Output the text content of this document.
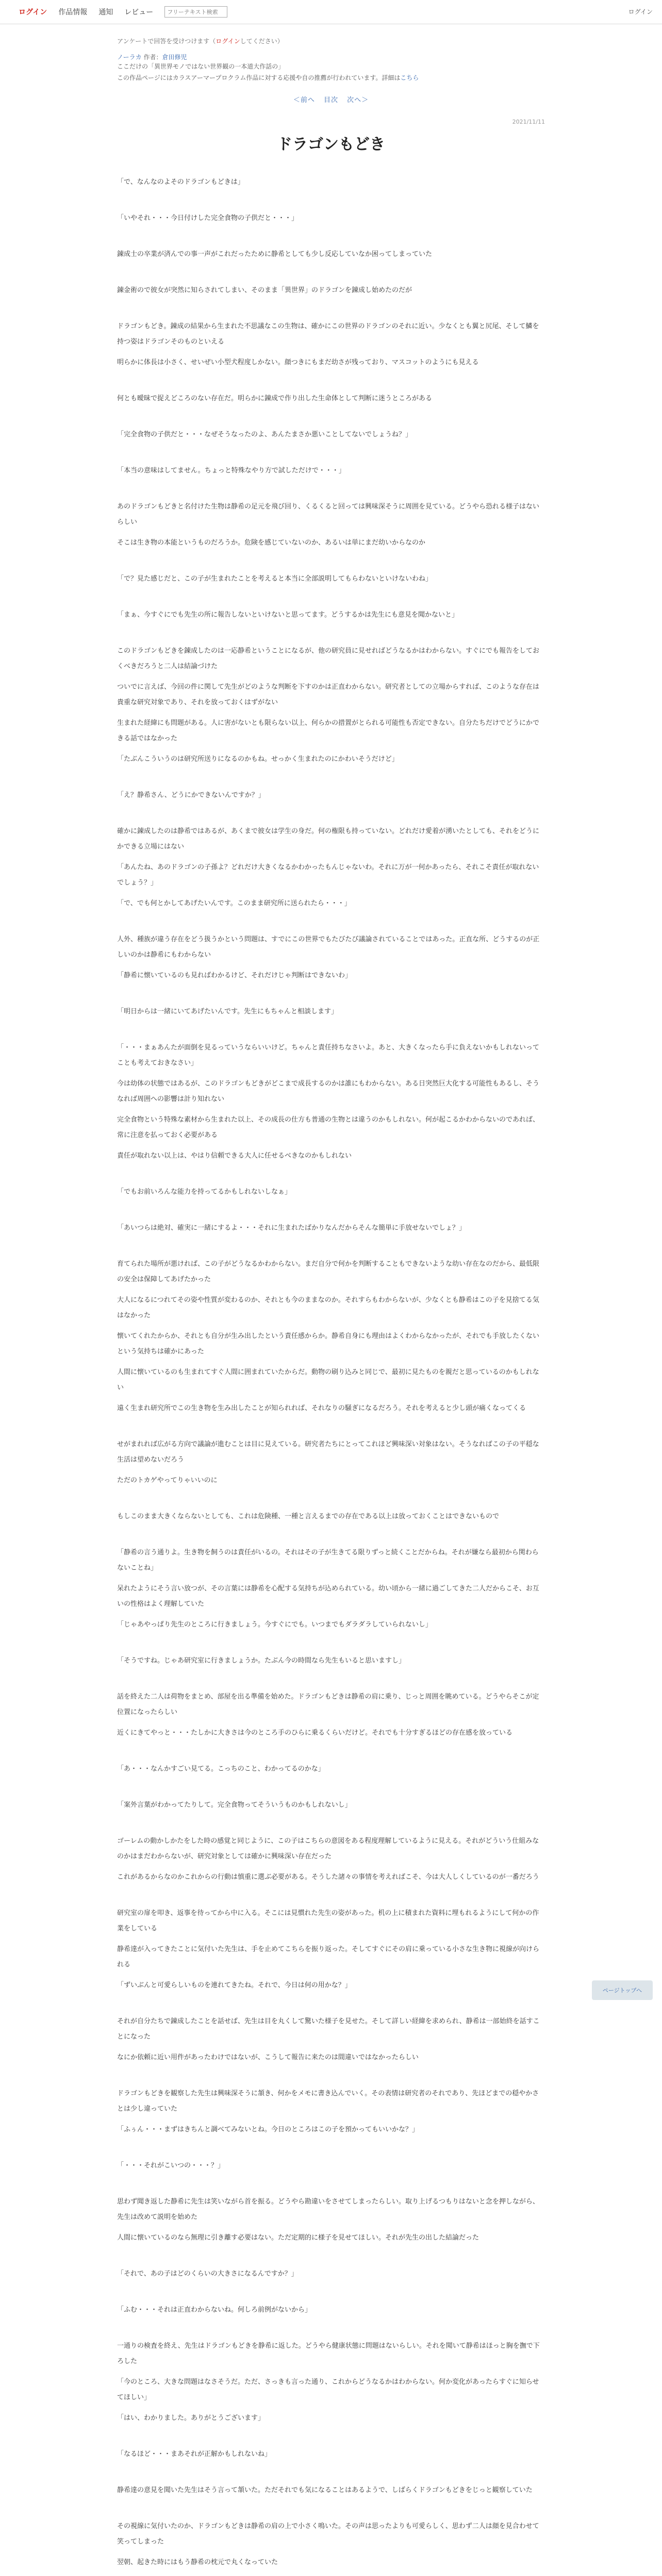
ログイン 作品情報 通知 レビュー
フリーテキスト検索	ログイン
アンケートで回答を受けつけます（ログインしてください）
ノーラカ 作者：倉田修児
ここだけの「異世界モノではない世界観の一本道大作話の」
この作品ページにはカラスアーマープロクラム作品に対する応援や自の推薦が行われています。詳細はこちら
＜前へ 目次 次へ＞
2021/11/11
ドラゴンもどき

「で、なんなのよそのドラゴンもどきは」

「いやそれ・・・今日付けした完全食物の子供だと・・・」

錬成士の卒業が済んでの事一声がこれだったために静希としても少し反応していなか困ってしまっていた

錬金術ので彼女が突然に知らされてしまい、そのまま「異世界」のドラゴンを錬成し始めたのだが

ドラゴンもどき。錬成の結果から生まれた不思議なこの生物は、確かにこの世界のドラゴンのそれに近い。少なくとも翼と尻尾、そして鱗を持つ姿はドラゴンそのものといえる

明らかに体長は小さく、せいぜい小型犬程度しかない。顔つきにもまだ幼さが残っており、マスコットのようにも見える

何とも曖昧で捉えどころのない存在だ。明らかに錬成で作り出した生命体として判断に迷うところがある

「完全食物の子供だと・・・なぜそうなったのよ、あんたまさか悪いことしてないでしょうね？」

「本当の意味はしてません。ちょっと特殊なやり方で試しただけで・・・」

あのドラゴンもどきと名付けた生物は静希の足元を飛び回り、くるくると回っては興味深そうに周囲を見ている。どうやら恐れる様子はないらしい

そこは生き物の本能というものだろうか。危険を感じていないのか、あるいは単にまだ幼いからなのか

「で？見た感じだと、この子が生まれたことを考えると本当に全部説明してもらわないといけないわね」

「まぁ、今すぐにでも先生の所に報告しないといけないと思ってます。どうするかは先生にも意見を聞かないと」

このドラゴンもどきを錬成したのは一応静希ということになるが、他の研究員に見せればどうなるかはわからない。すぐにでも報告をしておくべきだろうと二人は結論づけた

ついでに言えば、今回の件に関して先生がどのような判断を下すのかは正直わからない。研究者としての立場からすれば、このような存在は貴重な研究対象であり、それを放っておくはずがない

生まれた経緯にも問題がある。人に害がないとも限らない以上、何らかの措置がとられる可能性も否定できない。自分たちだけでどうにかできる話ではなかった

「たぶんこういうのは研究所送りになるのかもね。せっかく生まれたのにかわいそうだけど」

「え？静希さん、どうにかできないんですか？」

確かに錬成したのは静希ではあるが、あくまで彼女は学生の身だ。何の権限も持っていない。どれだけ愛着が湧いたとしても、それをどうにかできる立場にはない

「あんたね、あのドラゴンの子孫よ？どれだけ大きくなるかわかったもんじゃないわ。それに万が一何かあったら、それこそ責任が取れないでしょう？」

「で、でも何とかしてあげたいんです。このまま研究所に送られたら・・・」

人外、種族が違う存在をどう扱うかという問題は、すでにこの世界でもたびたび議論されていることではあった。正直な所、どうするのが正しいのかは静希にもわからない

「静希に懐いているのも見ればわかるけど、それだけじゃ判断はできないわ」

「明日からは一緒にいてあげたいんです。先生にもちゃんと相談します」

「・・・まぁあんたが面倒を見るっていうならいいけど。ちゃんと責任持ちなさいよ。あと、大きくなったら手に負えないかもしれないってことも考えておきなさい」

今は幼体の状態ではあるが、このドラゴンもどきがどこまで成長するのかは誰にもわからない。ある日突然巨大化する可能性もあるし、そうなれば周囲への影響は計り知れない

完全食物という特殊な素材から生まれた以上、その成長の仕方も普通の生物とは違うのかもしれない。何が起こるかわからないのであれば、常に注意を払っておく必要がある

責任が取れない以上は、やはり信頼できる大人に任せるべきなのかもしれない

「でもお前いろんな能力を持ってるかもしれないしなぁ」

「あいつらは絶対、確実に一緒にするよ・・・それに生まれたばかりなんだからそんな簡単に手放せないでしょ？」

育てられた場所が悪ければ、この子がどうなるかわからない。まだ自分で何かを判断することもできないような幼い存在なのだから、最低限の安全は保障してあげたかった

大人になるにつれてその姿や性質が変わるのか、それとも今のままなのか。それすらもわからないが、少なくとも静希はこの子を見捨てる気はなかった

懐いてくれたからか、それとも自分が生み出したという責任感からか。静希自身にも理由はよくわからなかったが、それでも手放したくないという気持ちは確かにあった

人間に懐いているのも生まれてすぐ人間に囲まれていたからだ。動物の刷り込みと同じで、最初に見たものを親だと思っているのかもしれない

遠く生まれ研究所でこの生き物を生み出したことが知られれば、それなりの騒ぎになるだろう。それを考えると少し頭が痛くなってくる

せがまれれば広がる方向で議論が進むことは目に見えている。研究者たちにとってこれほど興味深い対象はない。そうなればこの子の平穏な生活は望めないだろう

ただのトカゲやってりゃいいのに

もしこのまま大きくならないとしても、これは危険種、一種と言えるまでの存在である以上は放っておくことはできないもので

「静希の言う通りよ。生き物を飼うのは責任がいるの。それはその子が生きてる限りずっと続くことだからね。それが嫌なら最初から関わらないことね」

呆れたようにそう言い放つが、その言葉には静希を心配する気持ちが込められている。幼い頃から一緒に過ごしてきた二人だからこそ、お互いの性格はよく理解していた

「じゃあやっぱり先生のところに行きましょう。今すぐにでも。いつまでもダラダラしていられないし」

「そうですね。じゃあ研究室に行きましょうか。たぶん今の時間なら先生もいると思いますし」

話を終えた二人は荷物をまとめ、部屋を出る準備を始めた。ドラゴンもどきは静希の肩に乗り、じっと周囲を眺めている。どうやらそこが定位置になったらしい

近くにきてやっと・・・たしかに大きさは今のところ手のひらに乗るくらいだけど。それでも十分すぎるほどの存在感を放っている

「あ・・・なんかすごい見てる。こっちのこと、わかってるのかな」

「案外言葉がわかってたりして。完全食物ってそういうものかもしれないし」

ゴーレムの動かしかたをした時の感覚と同じように、この子はこちらの意図をある程度理解しているように見える。それがどういう仕組みなのかはまだわからないが、研究対象としては確かに興味深い存在だった

これがあるからなのかこれからの行動は慎重に選ぶ必要がある。そうした諸々の事情を考えればこそ、今は大人しくしているのが一番だろう

研究室の扉を叩き、返事を待ってから中に入る。そこには見慣れた先生の姿があった。机の上に積まれた資料に埋もれるようにして何かの作業をしている

静希達が入ってきたことに気付いた先生は、手を止めてこちらを振り返った。そしてすぐにその肩に乗っている小さな生き物に視線が向けられる

「ずいぶんと可愛らしいものを連れてきたね。それで、今日は何の用かな？」

それが自分たちで錬成したことを話せば、先生は目を丸くして驚いた様子を見せた。そして詳しい経緯を求められ、静希は一部始終を話すことになった

なにか依頼に近い用件があったわけではないが、こうして報告に来たのは間違いではなかったらしい

ドラゴンもどきを観察した先生は興味深そうに頷き、何かをメモに書き込んでいく。その表情は研究者のそれであり、先ほどまでの穏やかさとは少し違っていた

「ふぅん・・・まずはきちんと調べてみないとね。今日のところはこの子を預かってもいいかな？」

「・・・それがこいつの・・・？」

思わず聞き返した静希に先生は笑いながら首を振る。どうやら勘違いをさせてしまったらしい。取り上げるつもりはないと念を押しながら、先生は改めて説明を始めた

人間に懐いているのなら無理に引き離す必要はない。ただ定期的に様子を見せてほしい。それが先生の出した結論だった

「それで、あの子はどのくらいの大きさになるんですか？」

「ふむ・・・それは正直わからないね。何しろ前例がないから」

一通りの検査を終え、先生はドラゴンもどきを静希に返した。どうやら健康状態に問題はないらしい。それを聞いて静希はほっと胸を撫で下ろした

「今のところ、大きな問題はなさそうだ。ただ、さっきも言った通り、これからどうなるかはわからない。何か変化があったらすぐに知らせてほしい」

「はい、わかりました。ありがとうございます」

「なるほど・・・まあそれが正解かもしれないね」

静希達の意見を聞いた先生はそう言って頷いた。ただそれでも気になることはあるようで、しばらくドラゴンもどきをじっと観察していた

その視線に気付いたのか、ドラゴンもどきは静希の肩の上で小さく鳴いた。その声は思ったよりも可愛らしく、思わず二人は顔を見合わせて笑ってしまった

翌朝、起きた時にはもう静希の枕元で丸くなっていた

ページトップへ
